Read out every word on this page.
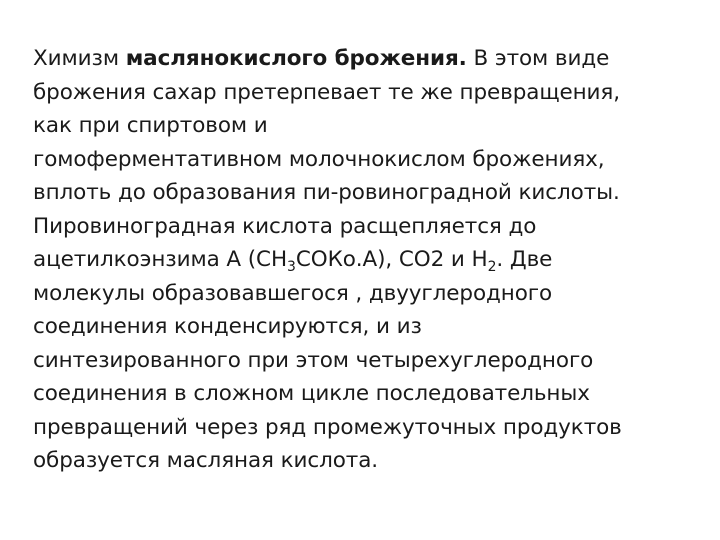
Химизм маслянокислого брожения. В этом виде
брожения сахар претерпевает те же превращения,
как при спиртовом и
гомоферментативном молочнокислом брожениях,
вплоть до образования пи-ровиноградной кислоты.
Пировиноградная кислота расщепляется до
ацетилкоэнзима А $(СН_3СОКо.А)$, СО2 и $Н_2$. Две
молекулы образовавшегося , двууглеродного
соединения конденсируются, и из
синтезированного при этом четырехуглеродного
соединения в сложном цикле последовательных
превращений через ряд промежуточных продуктов
образуется масляная кислота.
